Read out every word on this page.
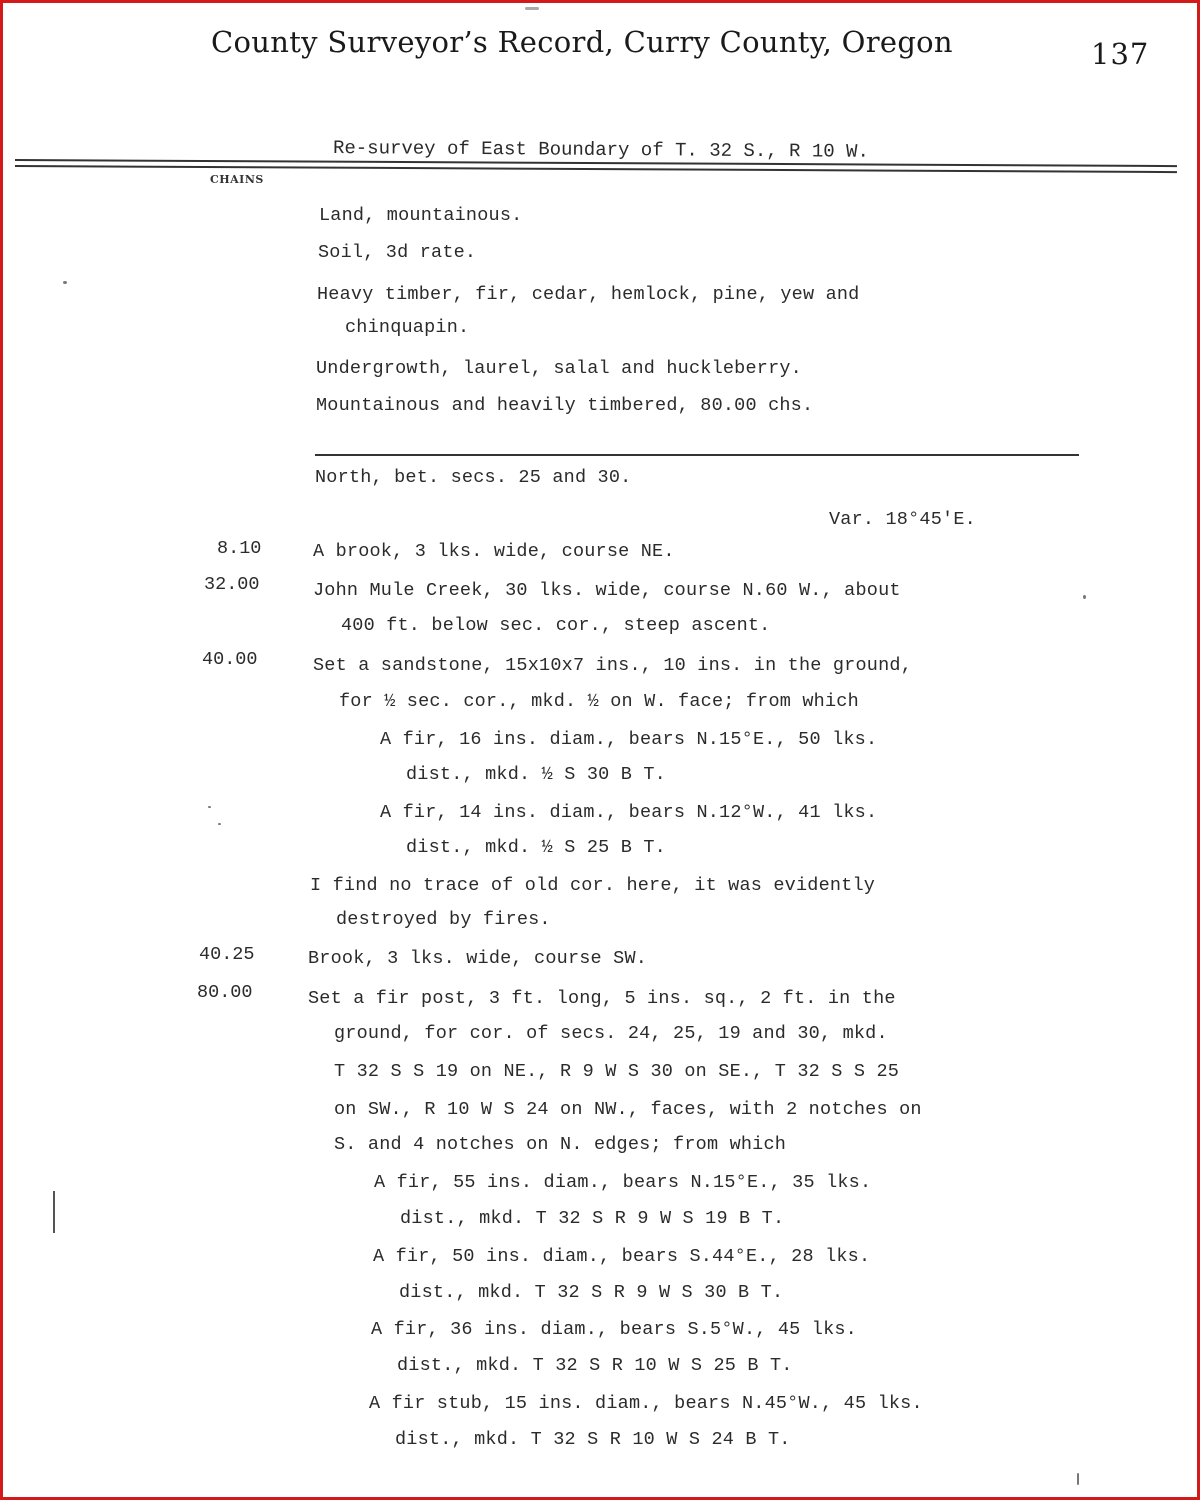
County Surveyor’s Record, Curry County, Oregon	137
Re-survey of East Boundary of T. 32 S., R 10 W.
CHAINS
Land, mountainous.
Soil, 3d rate.
Heavy timber, fir, cedar, hemlock, pine, yew and
chinquapin.
Undergrowth, laurel, salal and huckleberry.
Mountainous and heavily timbered, 80.00 chs.
North, bet. secs. 25 and 30.
Var. 18°45'E.
8.10	A brook, 3 lks. wide, course NE.
32.00	John Mule Creek, 30 lks. wide, course N.60 W., about
400 ft. below sec. cor., steep ascent.
40.00	Set a sandstone, 15x10x7 ins., 10 ins. in the ground,
for ½ sec. cor., mkd. ½ on W. face; from which
A fir, 16 ins. diam., bears N.15°E., 50 lks.
dist., mkd. ½ S 30 B T.
A fir, 14 ins. diam., bears N.12°W., 41 lks.
dist., mkd. ½ S 25 B T.
I find no trace of old cor. here, it was evidently
destroyed by fires.
40.25	Brook, 3 lks. wide, course SW.
80.00	Set a fir post, 3 ft. long, 5 ins. sq., 2 ft. in the
ground, for cor. of secs. 24, 25, 19 and 30, mkd.
T 32 S S 19 on NE., R 9 W S 30 on SE., T 32 S S 25
on SW., R 10 W S 24 on NW., faces, with 2 notches on
S. and 4 notches on N. edges; from which
A fir, 55 ins. diam., bears N.15°E., 35 lks.
dist., mkd. T 32 S R 9 W S 19 B T.
A fir, 50 ins. diam., bears S.44°E., 28 lks.
dist., mkd. T 32 S R 9 W S 30 B T.
A fir, 36 ins. diam., bears S.5°W., 45 lks.
dist., mkd. T 32 S R 10 W S 25 B T.
A fir stub, 15 ins. diam., bears N.45°W., 45 lks.
dist., mkd. T 32 S R 10 W S 24 B T.
